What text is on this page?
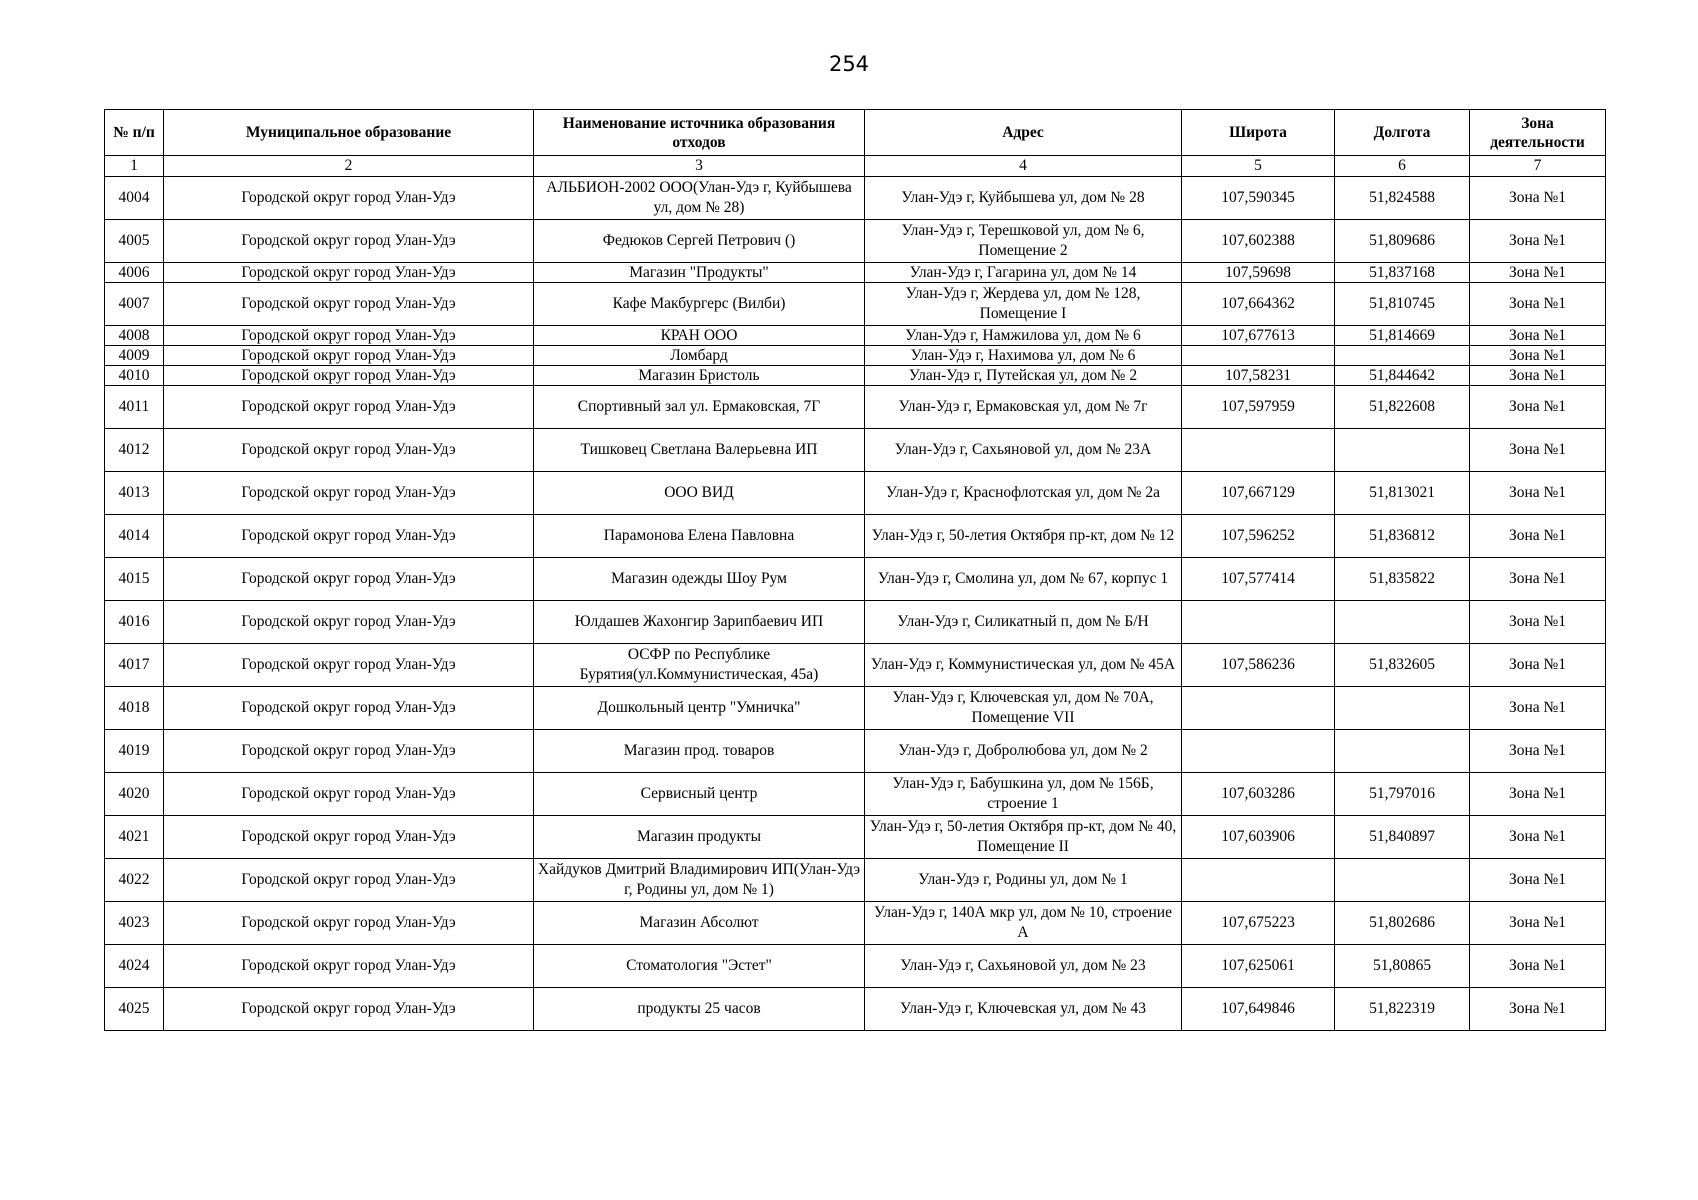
254
№ п/п	Муниципальное образование	Наименование источника образования отходов	Адрес	Широта	Долгота	Зона деятельности
1	2	3	4	5	6	7
4004	Городской округ город Улан-Удэ	АЛЬБИОН-2002 ООО(Улан-Удэ г, Куйбышева ул, дом № 28)	Улан-Удэ г, Куйбышева ул, дом № 28	107,590345	51,824588	Зона №1
4005	Городской округ город Улан-Удэ	Федюков Сергей Петрович ()	Улан-Удэ г, Терешковой ул, дом № 6, Помещение 2	107,602388	51,809686	Зона №1
4006	Городской округ город Улан-Удэ	Магазин "Продукты"	Улан-Удэ г, Гагарина ул, дом № 14	107,59698	51,837168	Зона №1
4007	Городской округ город Улан-Удэ	Кафе Макбургерс (Вилби)	Улан-Удэ г, Жердева ул, дом № 128, Помещение I	107,664362	51,810745	Зона №1
4008	Городской округ город Улан-Удэ	КРАН ООО	Улан-Удэ г, Намжилова ул, дом № 6	107,677613	51,814669	Зона №1
4009	Городской округ город Улан-Удэ	Ломбард	Улан-Удэ г, Нахимова ул, дом № 6			Зона №1
4010	Городской округ город Улан-Удэ	Магазин Бристоль	Улан-Удэ г, Путейская ул, дом № 2	107,58231	51,844642	Зона №1
4011	Городской округ город Улан-Удэ	Спортивный зал ул. Ермаковская, 7Г	Улан-Удэ г, Ермаковская ул, дом № 7г	107,597959	51,822608	Зона №1
4012	Городской округ город Улан-Удэ	Тишковец Светлана Валерьевна ИП	Улан-Удэ г, Сахьяновой ул, дом № 23А			Зона №1
4013	Городской округ город Улан-Удэ	ООО ВИД	Улан-Удэ г, Краснофлотская ул, дом № 2а	107,667129	51,813021	Зона №1
4014	Городской округ город Улан-Удэ	Парамонова Елена Павловна	Улан-Удэ г, 50-летия Октября пр-кт, дом № 12	107,596252	51,836812	Зона №1
4015	Городской округ город Улан-Удэ	Магазин одежды Шоу Рум	Улан-Удэ г, Смолина ул, дом № 67, корпус 1	107,577414	51,835822	Зона №1
4016	Городской округ город Улан-Удэ	Юлдашев Жахонгир Зарипбаевич ИП	Улан-Удэ г, Силикатный п, дом № Б/Н			Зона №1
4017	Городской округ город Улан-Удэ	ОСФР по Республике Бурятия(ул.Коммунистическая, 45а)	Улан-Удэ г, Коммунистическая ул, дом № 45А	107,586236	51,832605	Зона №1
4018	Городской округ город Улан-Удэ	Дошкольный центр "Умничка"	Улан-Удэ г, Ключевская ул, дом № 70А, Помещение VII			Зона №1
4019	Городской округ город Улан-Удэ	Магазин прод. товаров	Улан-Удэ г, Добролюбова ул, дом № 2			Зона №1
4020	Городской округ город Улан-Удэ	Сервисный центр	Улан-Удэ г, Бабушкина ул, дом № 156Б, строение 1	107,603286	51,797016	Зона №1
4021	Городской округ город Улан-Удэ	Магазин продукты	Улан-Удэ г, 50-летия Октября пр-кт, дом № 40, Помещение II	107,603906	51,840897	Зона №1
4022	Городской округ город Улан-Удэ	Хайдуков Дмитрий Владимирович ИП(Улан-Удэ г, Родины ул, дом № 1)	Улан-Удэ г, Родины ул, дом № 1			Зона №1
4023	Городской округ город Улан-Удэ	Магазин Абсолют	Улан-Удэ г, 140А мкр ул, дом № 10, строение А	107,675223	51,802686	Зона №1
4024	Городской округ город Улан-Удэ	Стоматология "Эстет"	Улан-Удэ г, Сахьяновой ул, дом № 23	107,625061	51,80865	Зона №1
4025	Городской округ город Улан-Удэ	продукты 25 часов	Улан-Удэ г, Ключевская ул, дом № 43	107,649846	51,822319	Зона №1
